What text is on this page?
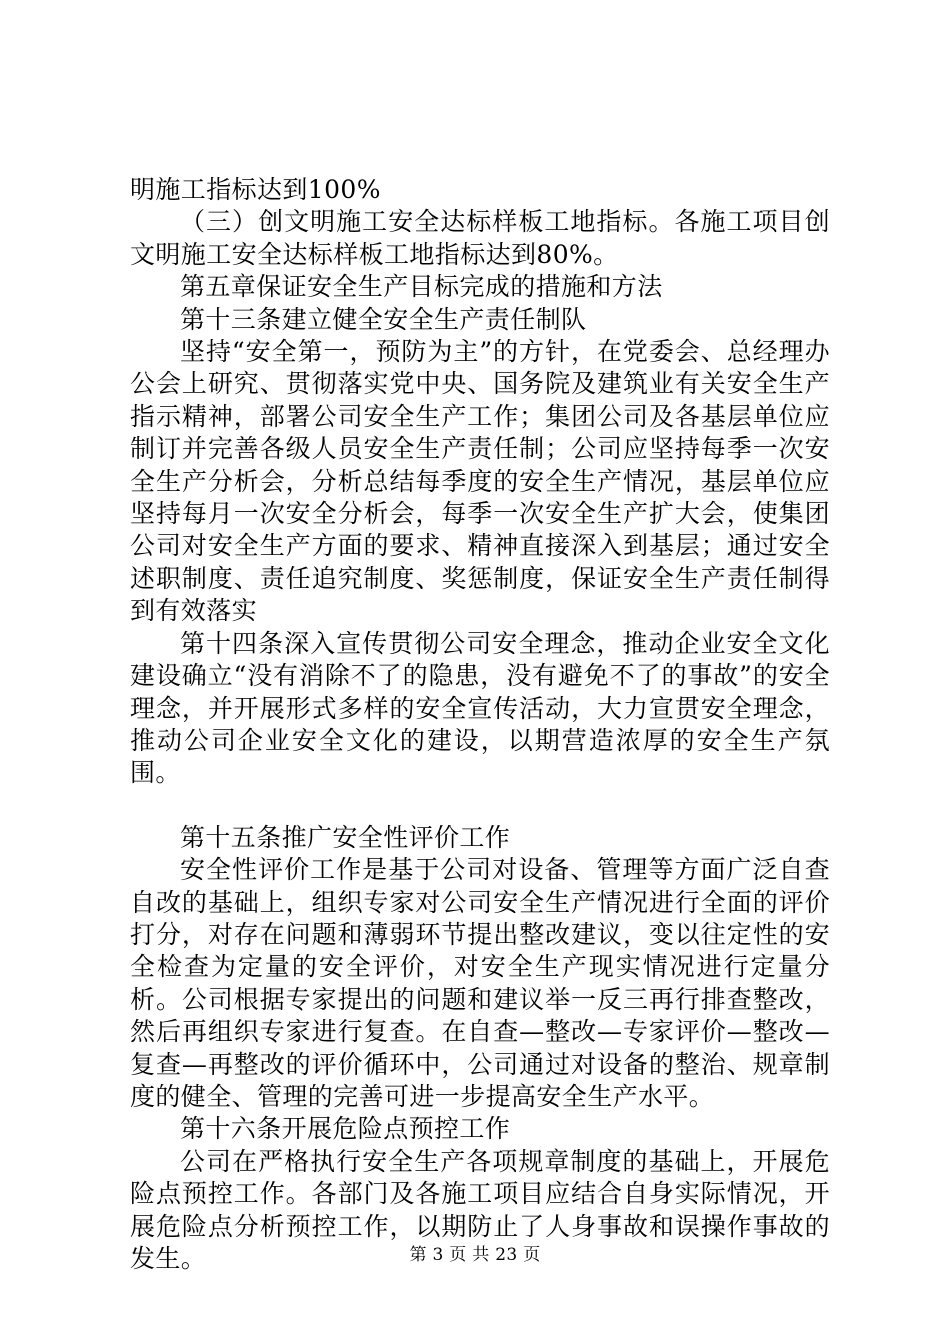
明施工指标达到100%

（三）创文明施工安全达标样板工地指标。各施工项目创文明施工安全达标样板工地指标达到80%。

第五章保证安全生产目标完成的措施和方法

第十三条建立健全安全生产责任制队

坚持“安全第一，预防为主”的方针，在党委会、总经理办公会上研究、贯彻落实党中央、国务院及建筑业有关安全生产指示精神，部署公司安全生产工作；集团公司及各基层单位应制订并完善各级人员安全生产责任制；公司应坚持每季一次安全生产分析会，分析总结每季度的安全生产情况，基层单位应坚持每月一次安全分析会，每季一次安全生产扩大会，使集团公司对安全生产方面的要求、精神直接深入到基层；通过安全述职制度、责任追究制度、奖惩制度，保证安全生产责任制得到有效落实

第十四条深入宣传贯彻公司安全理念，推动企业安全文化建设确立“没有消除不了的隐患，没有避免不了的事故”的安全理念，并开展形式多样的安全宣传活动，大力宣贯安全理念，推动公司企业安全文化的建设，以期营造浓厚的安全生产氛围。

第十五条推广安全性评价工作

安全性评价工作是基于公司对设备、管理等方面广泛自查自改的基础上，组织专家对公司安全生产情况进行全面的评价打分，对存在问题和薄弱环节提出整改建议，变以往定性的安全检查为定量的安全评价，对安全生产现实情况进行定量分析。公司根据专家提出的问题和建议举一反三再行排查整改，然后再组织专家进行复查。在自查—整改—专家评价—整改—复查—再整改的评价循环中，公司通过对设备的整治、规章制度的健全、管理的完善可进一步提高安全生产水平。

第十六条开展危险点预控工作

公司在严格执行安全生产各项规章制度的基础上，开展危险点预控工作。各部门及各施工项目应结合自身实际情况，开展危险点分析预控工作，以期防止了人身事故和误操作事故的发生。	第 3 页 共 23 页
